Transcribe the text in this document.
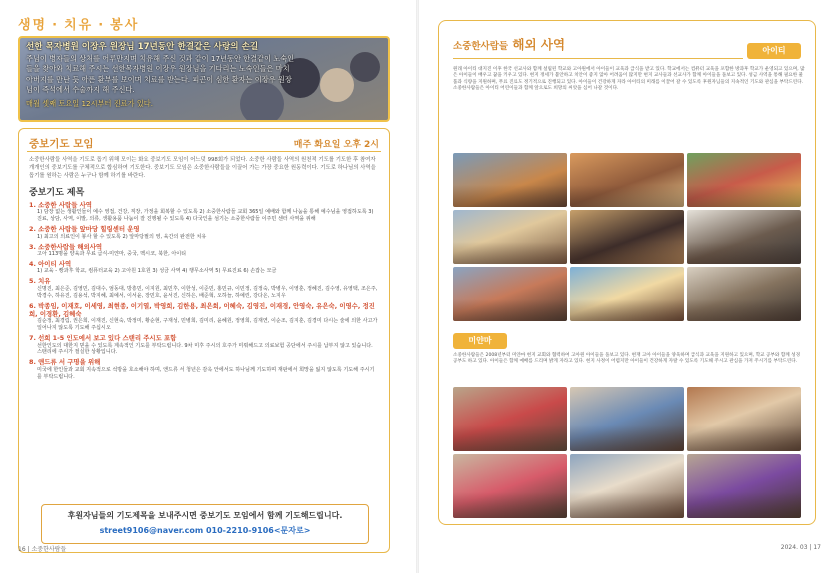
생명 · 치유 · 봉사
선한 목자병원 이장우 원장님 17년동안 한결같은 사랑의 손길
주님이 병자들의 상처를 어루만지며 치유해 주신 것과 같이 17년동안 한결같이 노숙인들을 찾아와 치료해 주시는 선한목자병원 이장우 원장님을 기다리는 노숙인들은 마치 아버지를 만난 듯 아픈 환부를 보이며 치료를 받는다. 피곤이 심한 환자는 이장우 원장님이 즉석에서 수술까지 해 주신다.
매월 셋째 토요일 12시부터 진료가 있다.
중보기도 모임	매주 화요일 오후 2시
소중한사람들 사역을 기도로 돕기 위해 모이는 화요 중보기도 모임이 어느덧 998회가 되었다. 소중한 사람들 사역의 원천적 기도를 기도한 후 참여자 개개인의 중보기도를 구체적으로 합심하여 기도한다. 중보기도 모임은 소중한사람들을 이끌어 가는 가장 중요한 원동력이다. 기도로 하나님의 사역을 돕기를 원하는 사람은 누구나 함께 하기를 바란다.
중보기도 제목
1. 소중한 사람들 사역
1) 담장 없는 생활인들이 예수 영접, 건강, 직장, 가정을 회복할 수 있도록 2) 소중한사람들 교회 365일 예배와 함께 나눔을 통해 예수님을 영접하도록 3) 진료, 상담, 사역, 이발, 의류, 생활용품 나눔이 잘 진행될 수 있도록 4) 다국인을 섬기는 소중한사람들 이주민 센터 사역을 위해
2. 소중한 사람들 앞마당 힐링센터 운영
1) 최고의 의료인이 봉사 할 수 있도록 2) 앞마당필의 영, 육간의 완전한 치유
3. 소중한사람들 해외사역
고아 113명을 양육과 무료 급식-미얀마, 중국, 멕시코, 북한, 아이티
4. 아이티 사역
1) 교육 - 빵과후 학교, 컴퓨터교육 2) 고아원 1호원 3) 성금 사역 4) 행무소사역 5) 무료진료 6) 손잡는 모금
5. 치유
신명진, 최은준, 김영민, 김대수, 엄동대, 방흥민, 이지원, 최민후, 이한성, 이준민, 홍민규, 이민정, 김정숙, 박병우, 이영훈, 정혜진, 김수영, 유영택, 조은주, 박경수, 하유진, 김용석, 박지혜, 최예서, 이서윤, 장민호, 윤서진, 신하은, 배준혁, 오하늘, 하예린, 강다온, 노지우
6. 박종임, 이재호, 이세영, 최현종, 이기열, 박영희, 김한용, 최은희, 이혜숙, 김영진, 이재경, 안영숙, 유은숙, 이영수, 정진희, 이경환, 김혜숙
김순정, 최경림, 권은희, 이재진, 신현숙, 박정미, 황순현, 구재성, 민병희, 김미리, 윤혜원, 정영희, 김재연, 이순조, 김지훈, 김경미 다시는 술에 의한 사고가 일어나지 않도록 기도해 주십시오
7. 선희 1-5 인도에서 보고 있다 스탠리 주시도 포함
선한인도의 대한지 믿을 수 있도록 계속적인 기도를 부탁드립니다. 9차 미후 주시의 호주가 미뤄해드고 의료보험 공단에서 주시를 납부지 않고 있습니다. 스탠리에 주시가 절실한 상황입니다.
8. 앤드류 서 구명을 위해
미국에 한인들과 교회 지속적으로 석방을 호소해야 하며, 앤드류 서 청년은 감옥 안에서도 하나님께 기도하며 재판에서 희망을 잃지 않도록 기도해 주시기를 부탁드립니다.
후원자님들의 기도제목을 보내주시면 중보기도 모임에서 함께 기도해드립니다.
street9106@naver.com 010-2210-9106<문자로>
16 | 소중한사람들
소중한사람들 해외 사역	아이티
원래 아이티 대지진 이후 한국 선교사와 함께 설립된 학교와 고아원에서 아이들이 교육과 급식을 받고 있다. 학교에서는 컴퓨터 교육을 포함한 방과후 학교가 운영되고 있으며, 많은 아이들이 배우고 꿈을 키우고 있다. 현지 정세가 불안하고 치안이 좋지 않아 어려움이 많지만 현지 교사들과 선교사가 함께 아이들을 돌보고 있다. 성금 사역을 통해 필요한 물품과 식량을 지원하며, 무료 진료도 정기적으로 진행되고 있다. 아이들이 건강하게 자라 아이티의 미래를 이끌어 갈 수 있도록 후원자님들의 지속적인 기도와 관심을 부탁드린다. 소중한사람들은 아이티 어린이들과 함께 앞으로도 희망의 씨앗을 심어 나갈 것이다.
미얀마
소중한사람들은 2008년부터 미얀마 현지 교회와 협력하여 고아원 아이들을 돌보고 있다. 현재 고아 아이들을 양육하며 급식과 교육을 지원하고 있으며, 학교 공부와 함께 성경 공부도 하고 있다. 아이들은 함께 예배를 드리며 밝게 자라고 있다. 현지 사정이 어렵지만 아이들이 건강하게 자랄 수 있도록 기도해 주시고 관심을 가져 주시기를 부탁드린다.
2024. 03 | 17
